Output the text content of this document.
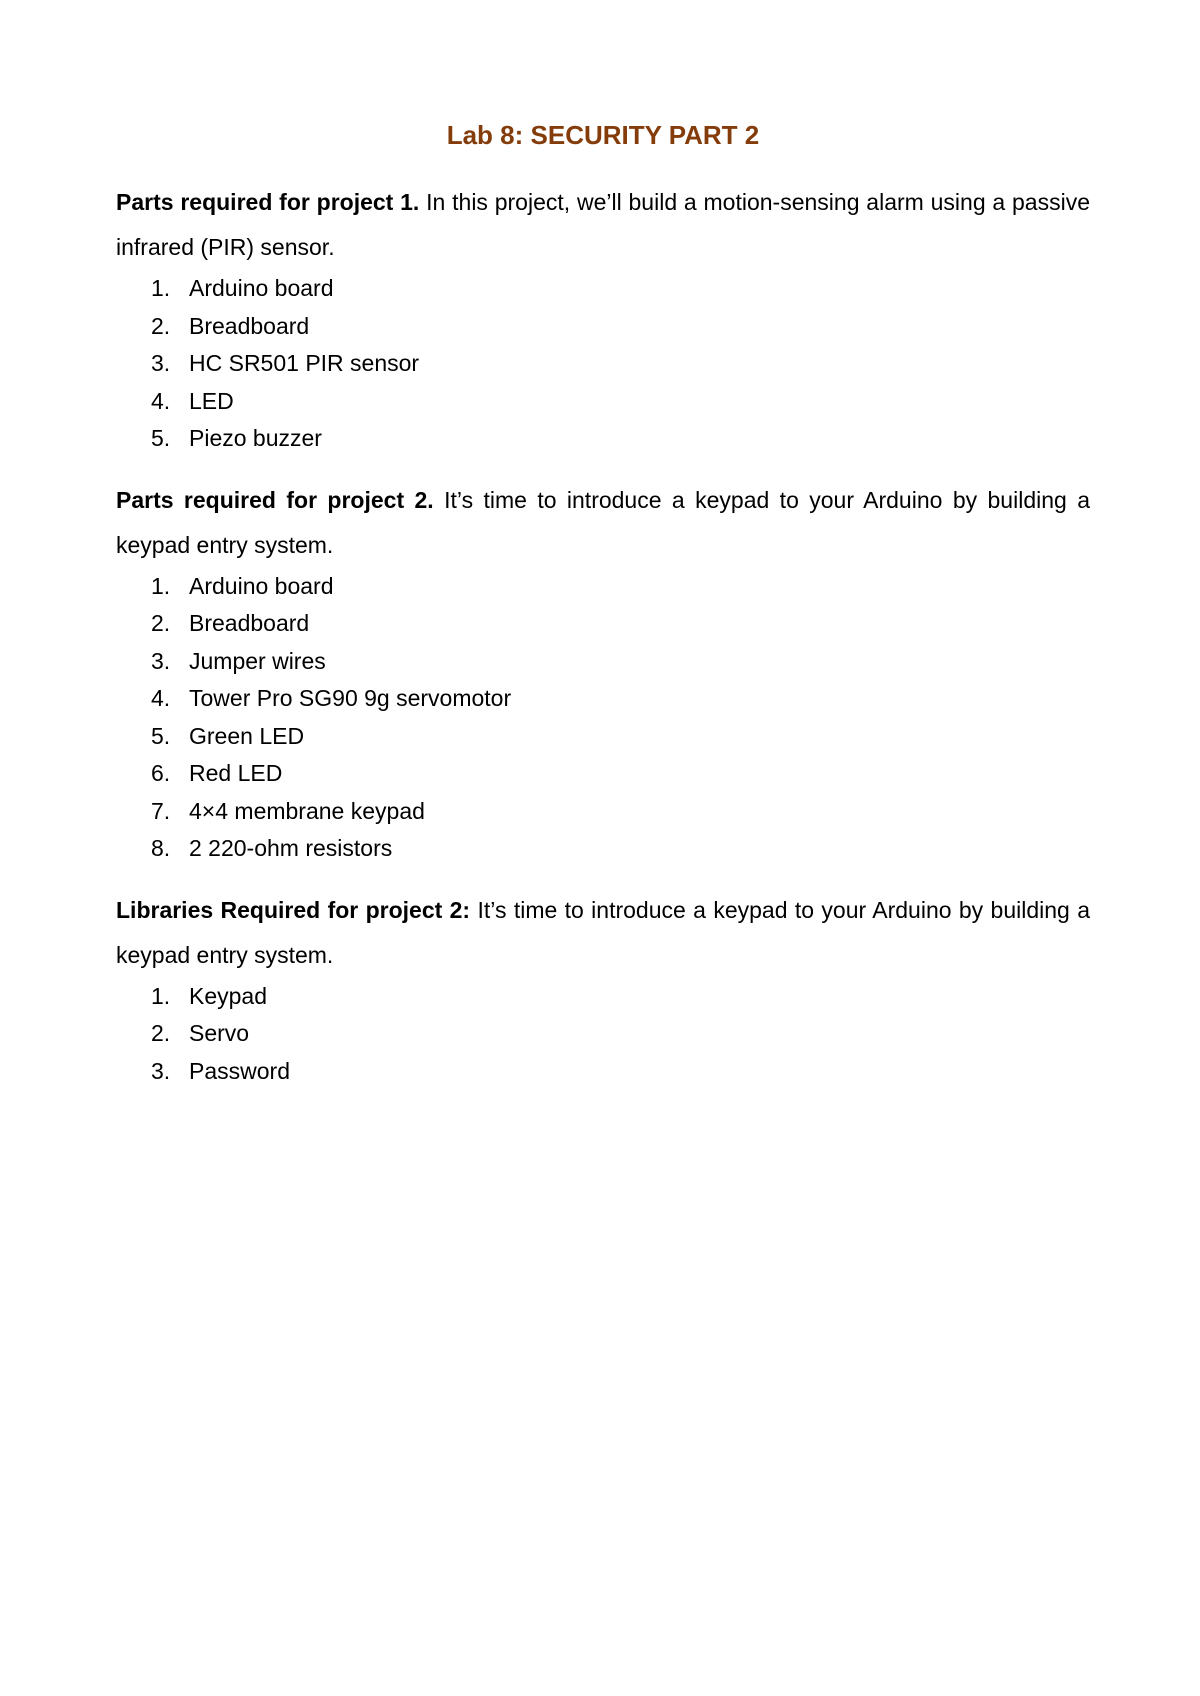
Lab 8: SECURITY PART 2

Parts required for project 1. In this project, we’ll build a motion-sensing alarm using a passive infrared (PIR) sensor.

1. Arduino board
2. Breadboard
3. HC SR501 PIR sensor
4. LED
5. Piezo buzzer

Parts required for project 2. It’s time to introduce a keypad to your Arduino by building a keypad entry system.

1. Arduino board
2. Breadboard
3. Jumper wires
4. Tower Pro SG90 9g servomotor
5. Green LED
6. Red LED
7. 4×4 membrane keypad
8. 2 220-ohm resistors

Libraries Required for project 2: It’s time to introduce a keypad to your Arduino by building a keypad entry system.

1. Keypad
2. Servo
3. Password
